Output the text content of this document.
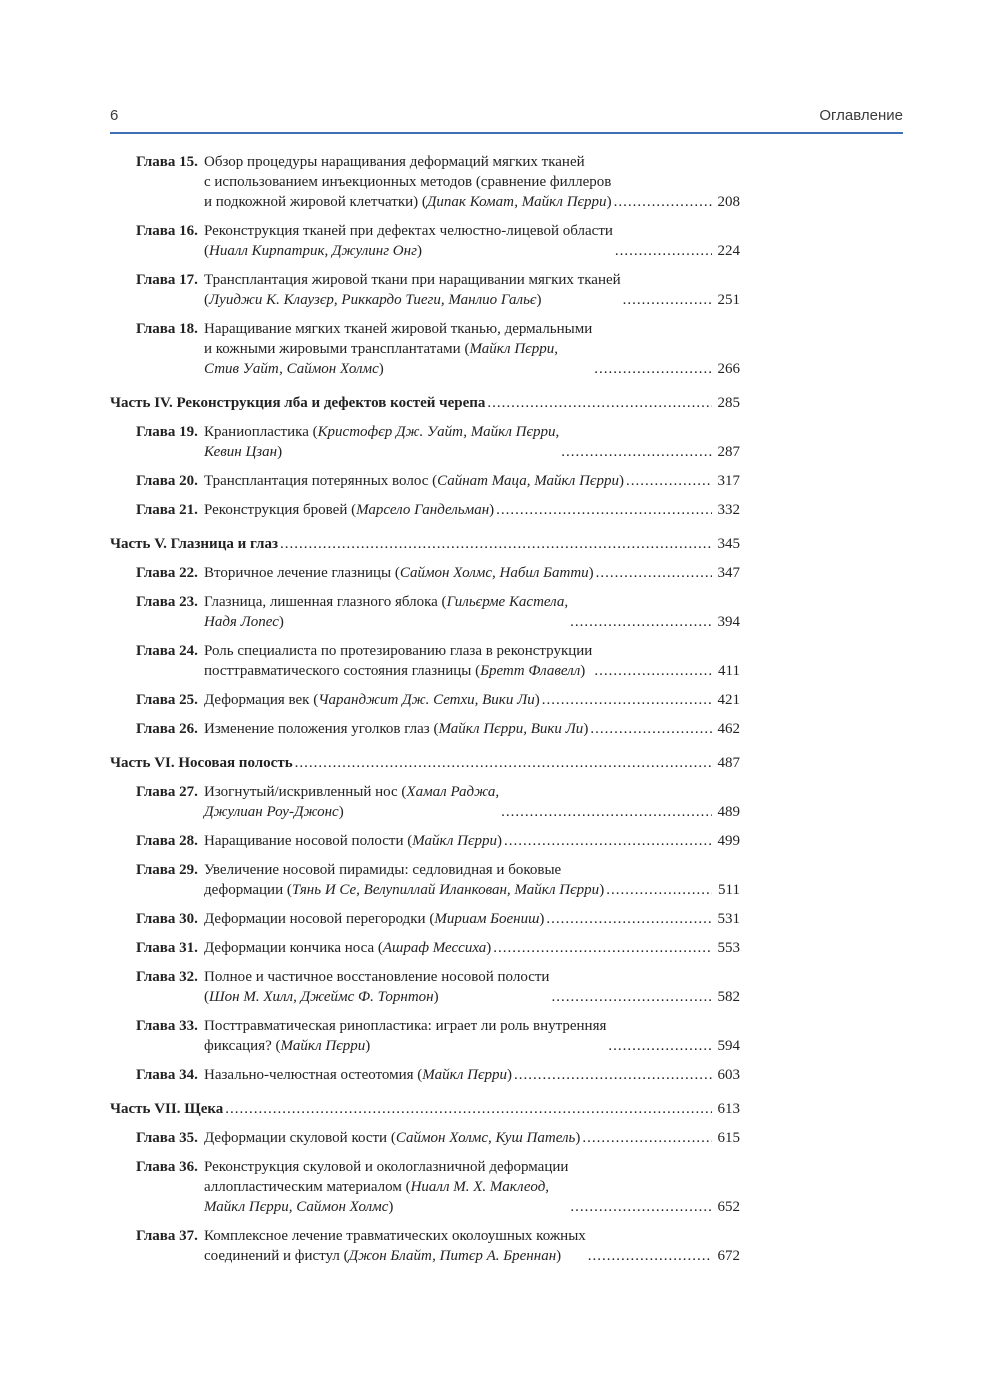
6	Оглавление
Глава 15. Обзор процедуры наращивания деформаций мягких тканей
с использованием инъекционных методов (сравнение филлеров
и подкожной жировой клетчатки) (Дипак Комат, Майкл Пєрри) .....	208
Глава 16. Реконструкция тканей при дефектах челюстно-лицевой области
(Ниалл Кирпатрик, Джулинг Онг) .....	224
Глава 17. Трансплантация жировой ткани при наращивании мягких тканей
(Луиджи К. Клаузєр, Риккардо Тиеги, Манлио Гальє) .....	251
Глава 18. Наращивание мягких тканей жировой тканью, дермальными
и кожными жировыми трансплантатами (Майкл Пєрри,
Стив Уайт, Саймон Холмс) .....	266
Часть IV. Реконструкция лба и дефектов костей черепа .....	285
Глава 19. Краниопластика (Кристофєр Дж. Уайт, Майкл Пєрри,
Кевин Цзан) .....	287
Глава 20. Трансплантация потерянных волос (Сайнат Маца, Майкл Пєрри) .....	317
Глава 21. Реконструкция бровей (Марсело Гандельман) .....	332
Часть V. Глазница и глаз .....	345
Глава 22. Вторичное лечение глазницы (Саймон Холмс, Набил Батти) .....	347
Глава 23. Глазница, лишенная глазного яблока (Гильєрме Кастела,
Надя Лопес) .....	394
Глава 24. Роль специалиста по протезированию глаза в реконструкции
посттравматического состояния глазницы (Бретт Флавелл) .....	411
Глава 25. Деформация век (Чаранджит Дж. Сетхи, Вики Ли) .....	421
Глава 26. Изменение положения уголков глаз (Майкл Пєрри, Вики Ли) .....	462
Часть VI. Носовая полость .....	487
Глава 27. Изогнутый/искривленный нос (Хамал Раджа,
Джулиан Роу-Джонс) .....	489
Глава 28. Наращивание носовой полости (Майкл Пєрри) .....	499
Глава 29. Увеличение носовой пирамиды: седловидная и боковые
деформации (Тянь И Се, Велупиллай Иланкован, Майкл Пєрри) .....	511
Глава 30. Деформации носовой перегородки (Мириам Боениш) .....	531
Глава 31. Деформации кончика носа (Ашраф Мессиха) .....	553
Глава 32. Полное и частичное восстановление носовой полости
(Шон М. Хилл, Джеймс Ф. Торнтон) .....	582
Глава 33. Посттравматическая ринопластика: играет ли роль внутренняя
фиксация? (Майкл Пєрри) .....	594
Глава 34. Назально-челюстная остеотомия (Майкл Пєрри) .....	603
Часть VII. Щека .....	613
Глава 35. Деформации скуловой кости (Саймон Холмс, Куш Патель) .....	615
Глава 36. Реконструкция скуловой и окологлазничной деформации
аллопластическим материалом (Ниалл М. Х. Маклеод,
Майкл Пєрри, Саймон Холмс) .....	652
Глава 37. Комплексное лечение травматических околоушных кожных
соединений и фистул (Джон Блайт, Питєр А. Бреннан) .....	672
